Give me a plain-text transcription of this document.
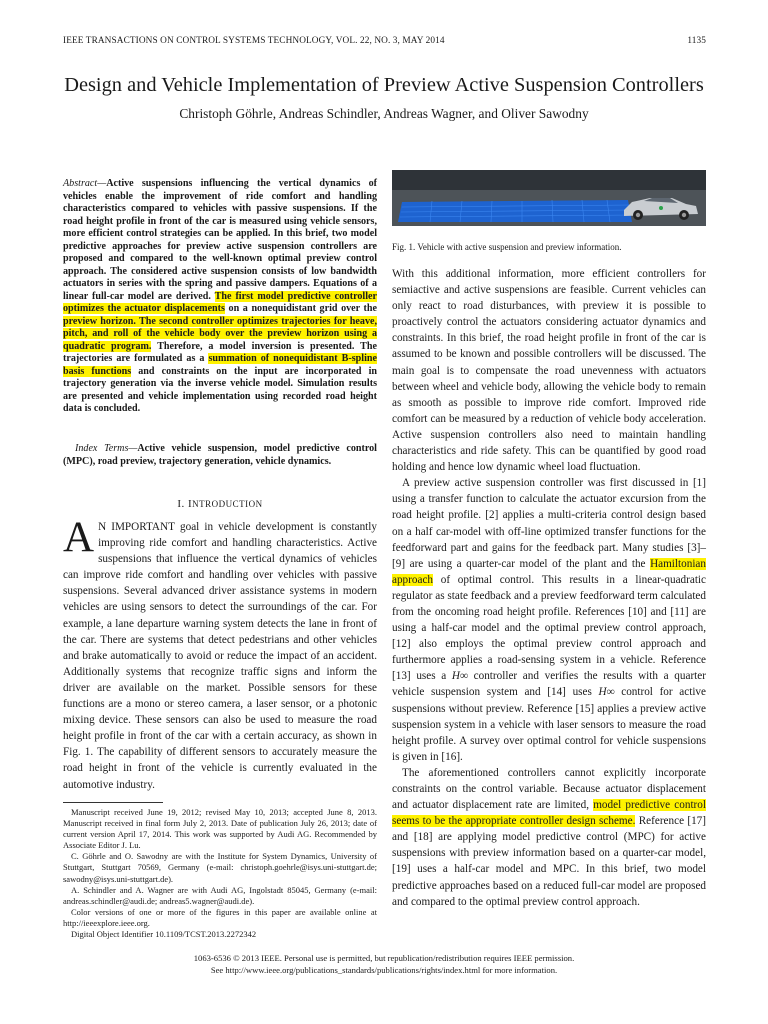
IEEE TRANSACTIONS ON CONTROL SYSTEMS TECHNOLOGY, VOL. 22, NO. 3, MAY 2014	1135
Design and Vehicle Implementation of Preview Active Suspension Controllers
Christoph Göhrle, Andreas Schindler, Andreas Wagner, and Oliver Sawodny
Abstract—Active suspensions influencing the vertical dynamics of vehicles enable the improvement of ride comfort and handling characteristics compared to vehicles with passive suspensions. If the road height profile in front of the car is measured using vehicle sensors, more efficient control strategies can be applied. In this brief, two model predictive approaches for preview active suspension controllers are proposed and compared to the well-known optimal preview control approach. The considered active suspension consists of low bandwidth actuators in series with the spring and passive dampers. Equations of a linear full-car model are derived. The first model predictive controller optimizes the actuator displacements on a nonequidistant grid over the preview horizon. The second controller optimizes trajectories for heave, pitch, and roll of the vehicle body over the preview horizon using a quadratic program. Therefore, a model inversion is presented. The trajectories are formulated as a summation of nonequidistant B-spline basis functions and constraints on the input are incorporated in trajectory generation via the inverse vehicle model. Simulation results are presented and vehicle implementation using recorded road height data is concluded.
Index Terms—Active vehicle suspension, model predictive control (MPC), road preview, trajectory generation, vehicle dynamics.
I. INTRODUCTION
A N IMPORTANT goal in vehicle development is constantly improving ride comfort and handling characteristics. Active suspensions that influence the vertical dynamics of vehicles can improve ride comfort and handling over vehicles with passive suspensions. Several advanced driver assistance systems in modern vehicles are using sensors to detect the surroundings of the car. For example, a lane departure warning system detects the lane in front of the car. There are systems that detect pedestrians and other vehicles and brake automatically to avoid or reduce the impact of an accident. Additionally systems that recognize traffic signs and inform the driver are available on the market. Possible sensors for these functions are a mono or stereo camera, a laser sensor, or a photonic mixing device. These sensors can also be used to measure the road height profile in front of the car with a certain accuracy, as shown in Fig. 1. The capability of different sensors to accurately measure the road height in front of the vehicle is currently evaluated in the automotive industry.

Manuscript received June 19, 2012; revised May 10, 2013; accepted June 8, 2013. Manuscript received in final form July 2, 2013. Date of publication July 26, 2013; date of current version April 17, 2014. This work was supported by Audi AG. Recommended by Associate Editor J. Lu.

C. Göhrle and O. Sawodny are with the Institute for System Dynamics, University of Stuttgart, Stuttgart 70569, Germany (e-mail: christoph.goehrle@isys.uni-stuttgart.de; sawodny@isys.uni-stuttgart.de).

A. Schindler and A. Wagner are with Audi AG, Ingolstadt 85045, Germany (e-mail: andreas.schindler@audi.de; andreas5.wagner@audi.de).

Color versions of one or more of the figures in this paper are available online at http://ieeexplore.ieee.org.

Digital Object Identifier 10.1109/TCST.2013.2272342

Fig. 1. Vehicle with active suspension and preview information.

With this additional information, more efficient controllers for semiactive and active suspensions are feasible. Current vehicles can only react to road disturbances, with preview it is possible to proactively control the actuators considering actuator dynamics and constraints. In this brief, the road height profile in front of the car is assumed to be known and possible controllers will be discussed. The main goal is to compensate the road unevenness with actuators between wheel and vehicle body, allowing the vehicle body to remain as smooth as possible to improve ride comfort. Improved ride comfort can be measured by a reduction of vehicle body acceleration. Active suspension controllers also need to maintain handling characteristics and ride safety. This can be quantified by good road holding and hence low dynamic wheel load fluctuation.

A preview active suspension controller was first discussed in [1] using a transfer function to calculate the actuator excursion from the road height profile. [2] applies a multi-criteria control design based on a half car-model with off-line optimized transfer functions for the feedforward part and gains for the feedback part. Many studies [3]–[9] are using a quarter-car model of the plant and the Hamiltonian approach of optimal control. This results in a linear-quadratic regulator as state feedback and a preview feedforward term calculated from the oncoming road height profile. References [10] and [11] are using a half-car model and the optimal preview control approach, [12] also employs the optimal preview control approach and furthermore applies a road-sensing system in a vehicle. Reference [13] uses a H∞ controller and verifies the results with a quarter vehicle suspension system and [14] uses H∞ control for active suspensions without preview. Reference [15] applies a preview active suspension system in a vehicle with laser sensors to measure the road height profile. A survey over optimal control for vehicle suspensions is given in [16].

The aforementioned controllers cannot explicitly incorporate constraints on the control variable. Because actuator displacement and actuator displacement rate are limited, model predictive control seems to be the appropriate controller design scheme. Reference [17] and [18] are applying model predictive control (MPC) for active suspensions with preview information based on a quarter-car model, [19] uses a half-car model and MPC. In this brief, two model predictive approaches based on a reduced full-car model are proposed and compared to the optimal preview control approach.

1063-6536 © 2013 IEEE. Personal use is permitted, but republication/redistribution requires IEEE permission.
See http://www.ieee.org/publications_standards/publications/rights/index.html for more information.
